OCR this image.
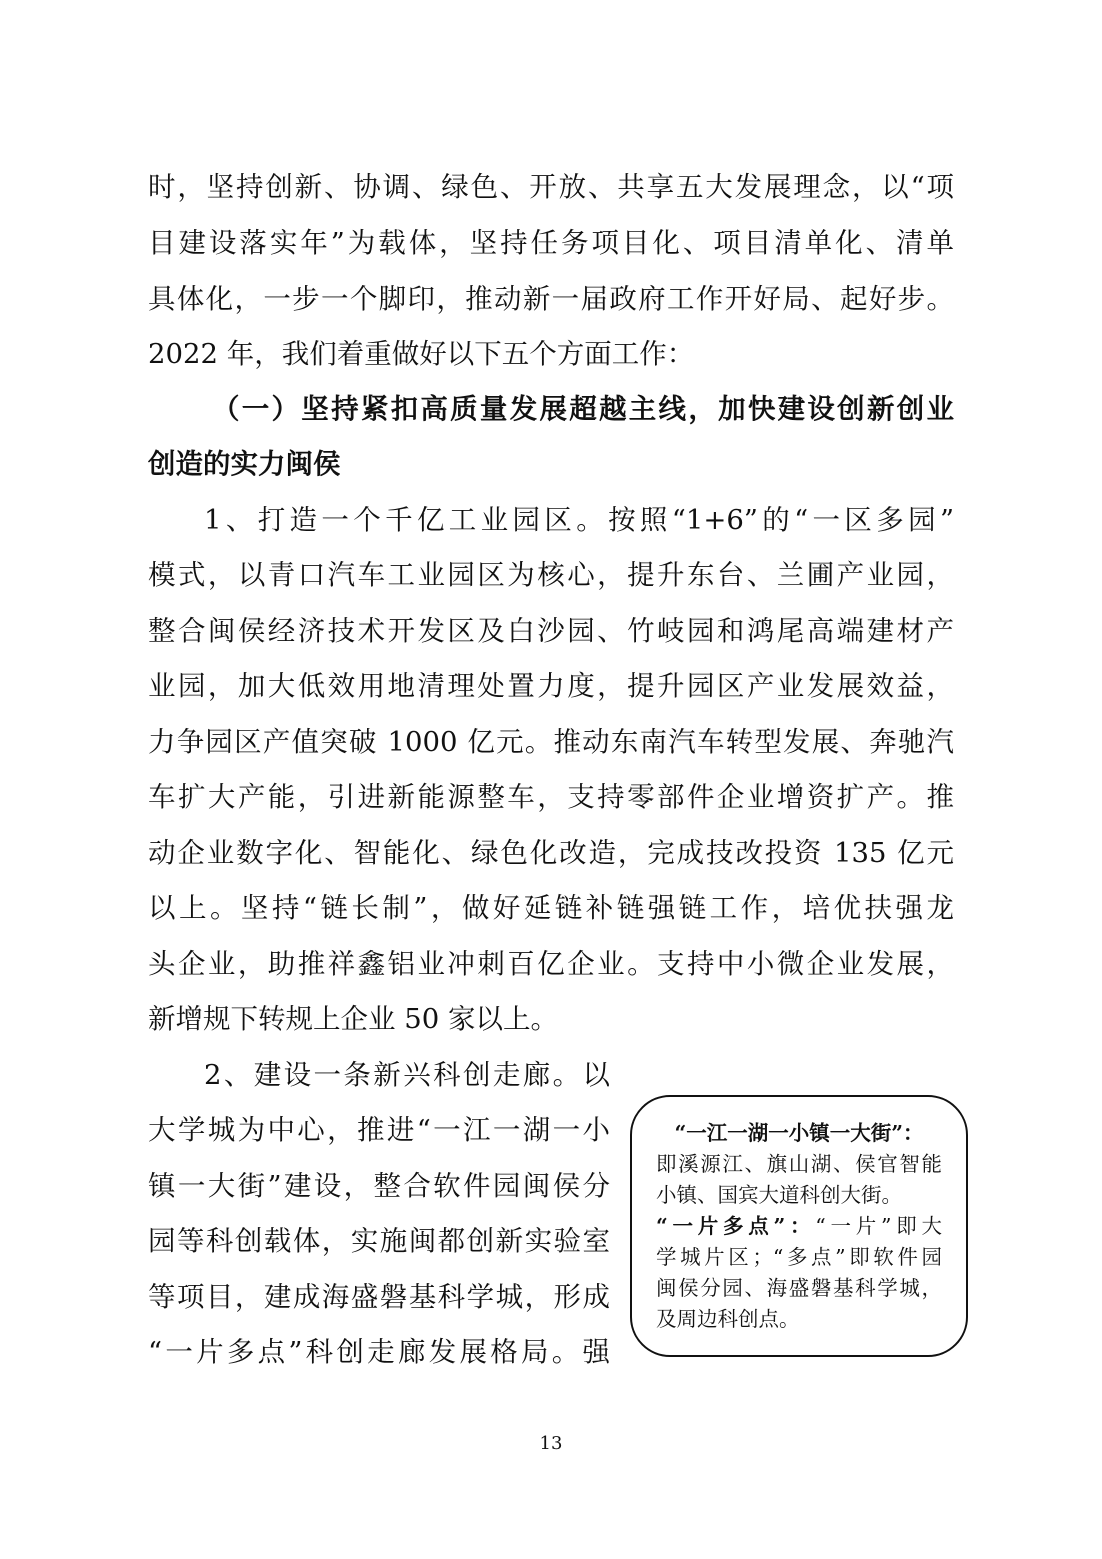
时，坚持创新、协调、绿色、开放、共享五大发展理念，以“项
目建设落实年”为载体，坚持任务项目化、项目清单化、清单
具体化，一步一个脚印，推动新一届政府工作开好局、起好步。
2022 年，我们着重做好以下五个方面工作：
（一）坚持紧扣高质量发展超越主线，加快建设创新创业
创造的实力闽侯
1、打造一个千亿工业园区。按照“1+6”的“一区多园”
模式，以青口汽车工业园区为核心，提升东台、兰圃产业园，
整合闽侯经济技术开发区及白沙园、竹岐园和鸿尾高端建材产
业园，加大低效用地清理处置力度，提升园区产业发展效益，
力争园区产值突破 1000 亿元。推动东南汽车转型发展、奔驰汽
车扩大产能，引进新能源整车，支持零部件企业增资扩产。推
动企业数字化、智能化、绿色化改造，完成技改投资 135 亿元
以上。坚持“链长制”，做好延链补链强链工作，培优扶强龙
头企业，助推祥鑫铝业冲刺百亿企业。支持中小微企业发展，
新增规下转规上企业 50 家以上。
2、建设一条新兴科创走廊。以
大学城为中心，推进“一江一湖一小
镇一大街”建设，整合软件园闽侯分
园等科创载体，实施闽都创新实验室
等项目，建成海盛磐基科学城，形成
“一片多点”科创走廊发展格局。强
“一江一湖一小镇一大街”：
即溪源江、旗山湖、侯官智能
小镇、国宾大道科创大街。
“一片多点”：“一片”即大
学城片区；“多点”即软件园
闽侯分园、海盛磐基科学城，
及周边科创点。
13
